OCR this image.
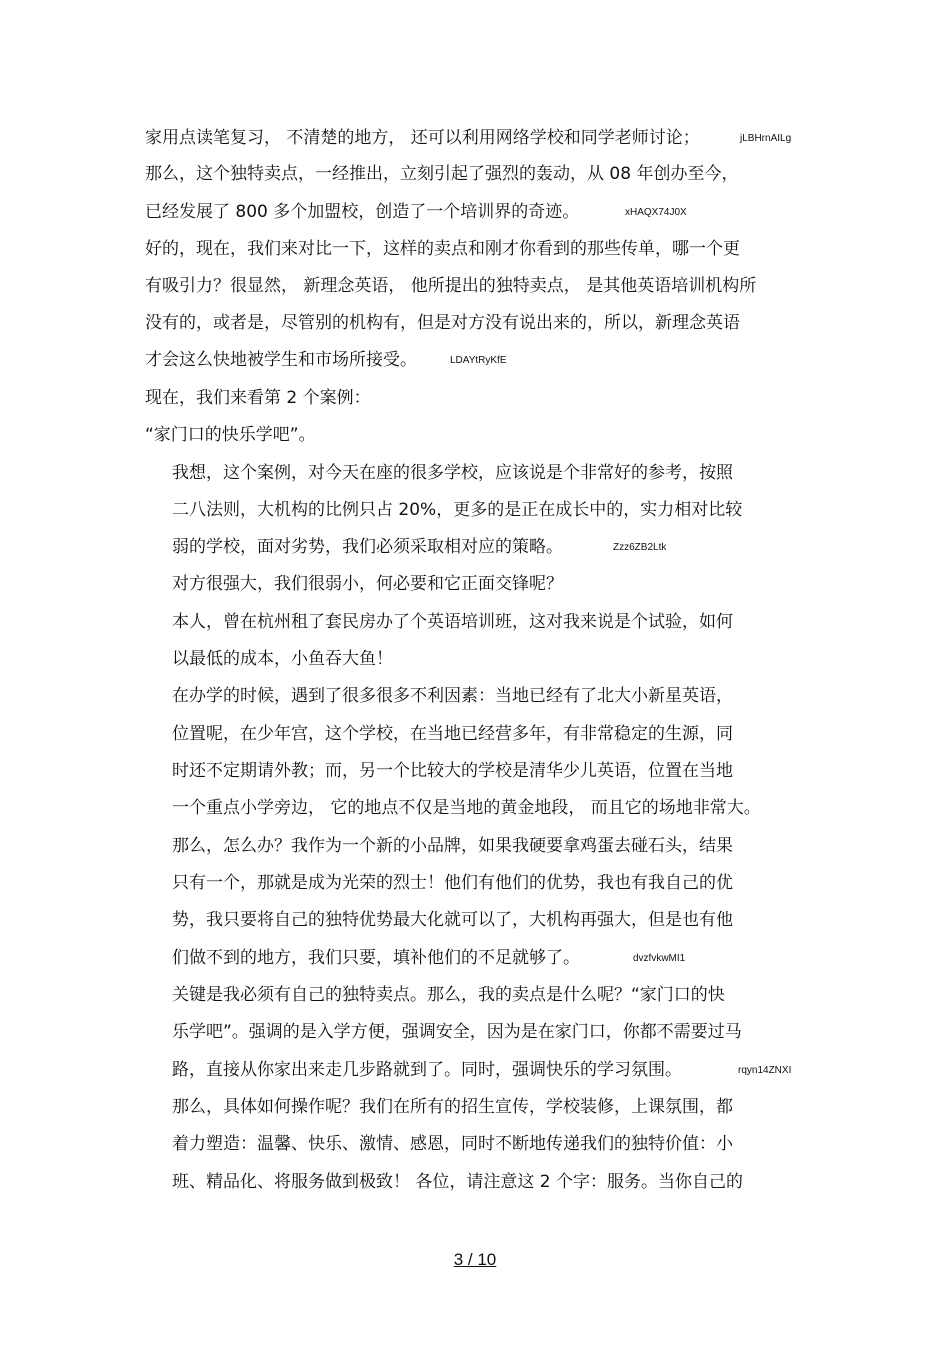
家用点读笔复习， 不清楚的地方， 还可以利用网络学校和同学老师讨论；	jLBHrnAILg
那么，这个独特卖点，一经推出，立刻引起了强烈的轰动，从 08 年创办至今，
已经发展了 800 多个加盟校，创造了一个培训界的奇迹。	xHAQX74J0X
好的，现在，我们来对比一下，这样的卖点和刚才你看到的那些传单，哪一个更
有吸引力？很显然， 新理念英语， 他所提出的独特卖点， 是其他英语培训机构所
没有的，或者是，尽管别的机构有，但是对方没有说出来的，所以，新理念英语
才会这么快地被学生和市场所接受。	LDAYtRyKfE
现在，我们来看第 2 个案例：
“家门口的快乐学吧”。
我想，这个案例，对今天在座的很多学校，应该说是个非常好的参考，按照
二八法则，大机构的比例只占 20%，更多的是正在成长中的，实力相对比较
弱的学校，面对劣势，我们必须采取相对应的策略。	Zzz6ZB2Ltk
对方很强大，我们很弱小，何必要和它正面交锋呢？
本人，曾在杭州租了套民房办了个英语培训班，这对我来说是个试验，如何
以最低的成本，小鱼吞大鱼！
在办学的时候，遇到了很多很多不利因素：当地已经有了北大小新星英语，
位置呢，在少年宫，这个学校，在当地已经营多年，有非常稳定的生源，同
时还不定期请外教；而，另一个比较大的学校是清华少儿英语，位置在当地
一个重点小学旁边， 它的地点不仅是当地的黄金地段， 而且它的场地非常大。
那么，怎么办？我作为一个新的小品牌，如果我硬要拿鸡蛋去碰石头，结果
只有一个，那就是成为光荣的烈士！他们有他们的优势，我也有我自己的优
势，我只要将自己的独特优势最大化就可以了，大机构再强大，但是也有他
们做不到的地方，我们只要，填补他们的不足就够了。	dvzfvkwMI1
关键是我必须有自己的独特卖点。那么，我的卖点是什么呢？“家门口的快
乐学吧”。强调的是入学方便，强调安全，因为是在家门口，你都不需要过马
路，直接从你家出来走几步路就到了。同时，强调快乐的学习氛围。	rqyn14ZNXI
那么，具体如何操作呢？我们在所有的招生宣传，学校装修，上课氛围，都
着力塑造：温馨、快乐、激情、感恩，同时不断地传递我们的独特价值：小
班、精品化、将服务做到极致！ 各位，请注意这 2 个字：服务。当你自己的
3 / 10
